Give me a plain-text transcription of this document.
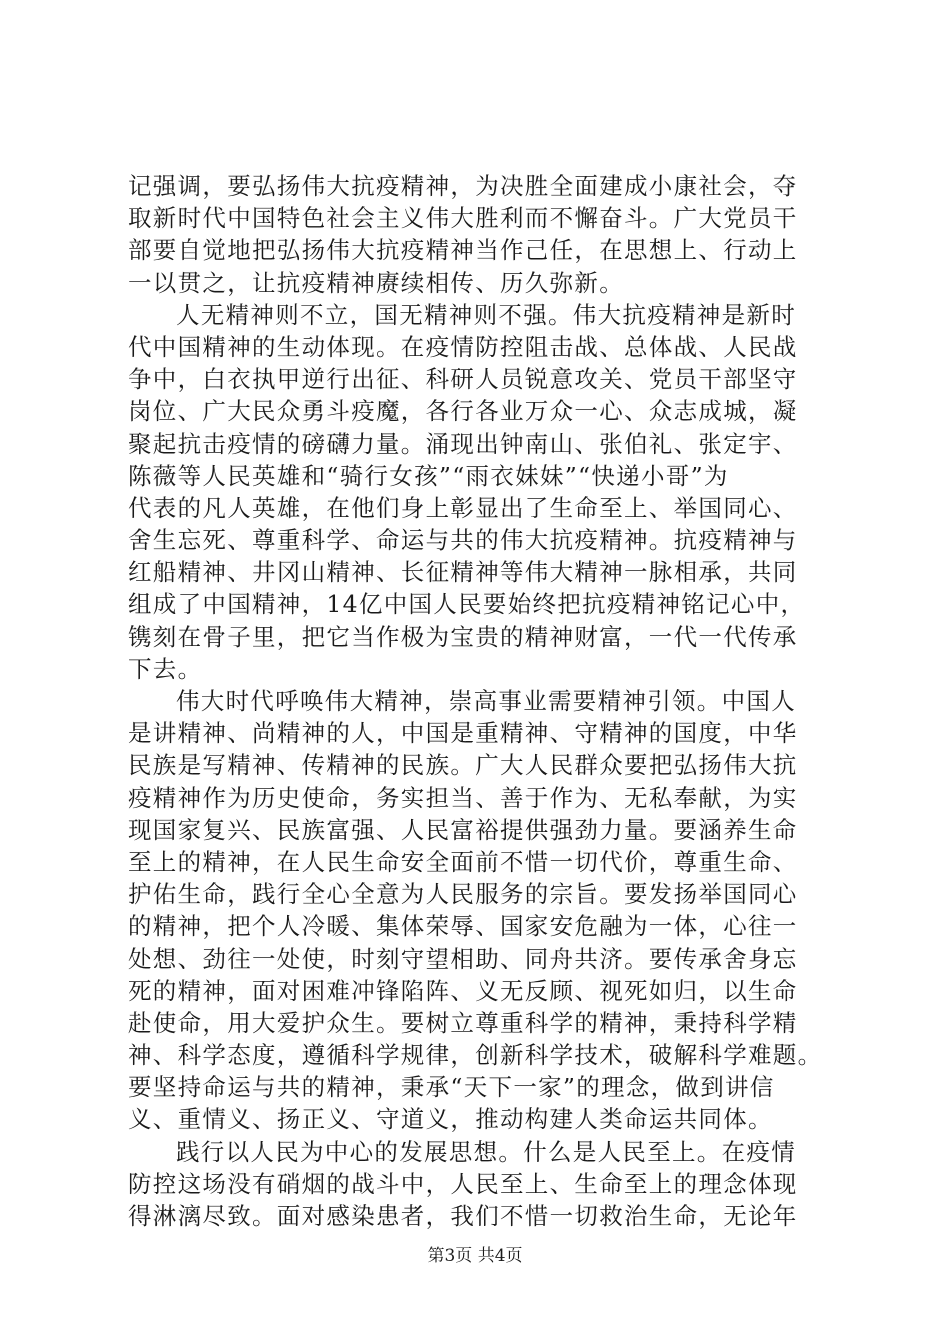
记强调，要弘扬伟大抗疫精神，为决胜全面建成小康社会，夺
取新时代中国特色社会主义伟大胜利而不懈奋斗。广大党员干
部要自觉地把弘扬伟大抗疫精神当作己任，在思想上、行动上
一以贯之，让抗疫精神赓续相传、历久弥新。
人无精神则不立，国无精神则不强。伟大抗疫精神是新时
代中国精神的生动体现。在疫情防控阻击战、总体战、人民战
争中，白衣执甲逆行出征、科研人员锐意攻关、党员干部坚守
岗位、广大民众勇斗疫魔，各行各业万众一心、众志成城，凝
聚起抗击疫情的磅礴力量。涌现出钟南山、张伯礼、张定宇、
陈薇等人民英雄和“骑行女孩”“雨衣妹妹”“快递小哥”为
代表的凡人英雄，在他们身上彰显出了生命至上、举国同心、
舍生忘死、尊重科学、命运与共的伟大抗疫精神。抗疫精神与
红船精神、井冈山精神、长征精神等伟大精神一脉相承，共同
组成了中国精神，14亿中国人民要始终把抗疫精神铭记心中，
镌刻在骨子里，把它当作极为宝贵的精神财富，一代一代传承
下去。
伟大时代呼唤伟大精神，崇高事业需要精神引领。中国人
是讲精神、尚精神的人，中国是重精神、守精神的国度，中华
民族是写精神、传精神的民族。广大人民群众要把弘扬伟大抗
疫精神作为历史使命，务实担当、善于作为、无私奉献，为实
现国家复兴、民族富强、人民富裕提供强劲力量。要涵养生命
至上的精神，在人民生命安全面前不惜一切代价，尊重生命、
护佑生命，践行全心全意为人民服务的宗旨。要发扬举国同心
的精神，把个人冷暖、集体荣辱、国家安危融为一体，心往一
处想、劲往一处使，时刻守望相助、同舟共济。要传承舍身忘
死的精神，面对困难冲锋陷阵、义无反顾、视死如归，以生命
赴使命，用大爱护众生。要树立尊重科学的精神，秉持科学精
神、科学态度，遵循科学规律，创新科学技术，破解科学难题。
要坚持命运与共的精神，秉承“天下一家”的理念，做到讲信
义、重情义、扬正义、守道义，推动构建人类命运共同体。
践行以人民为中心的发展思想。什么是人民至上。在疫情
防控这场没有硝烟的战斗中，人民至上、生命至上的理念体现
得淋漓尽致。面对感染患者，我们不惜一切救治生命，无论年
第3页 共4页
